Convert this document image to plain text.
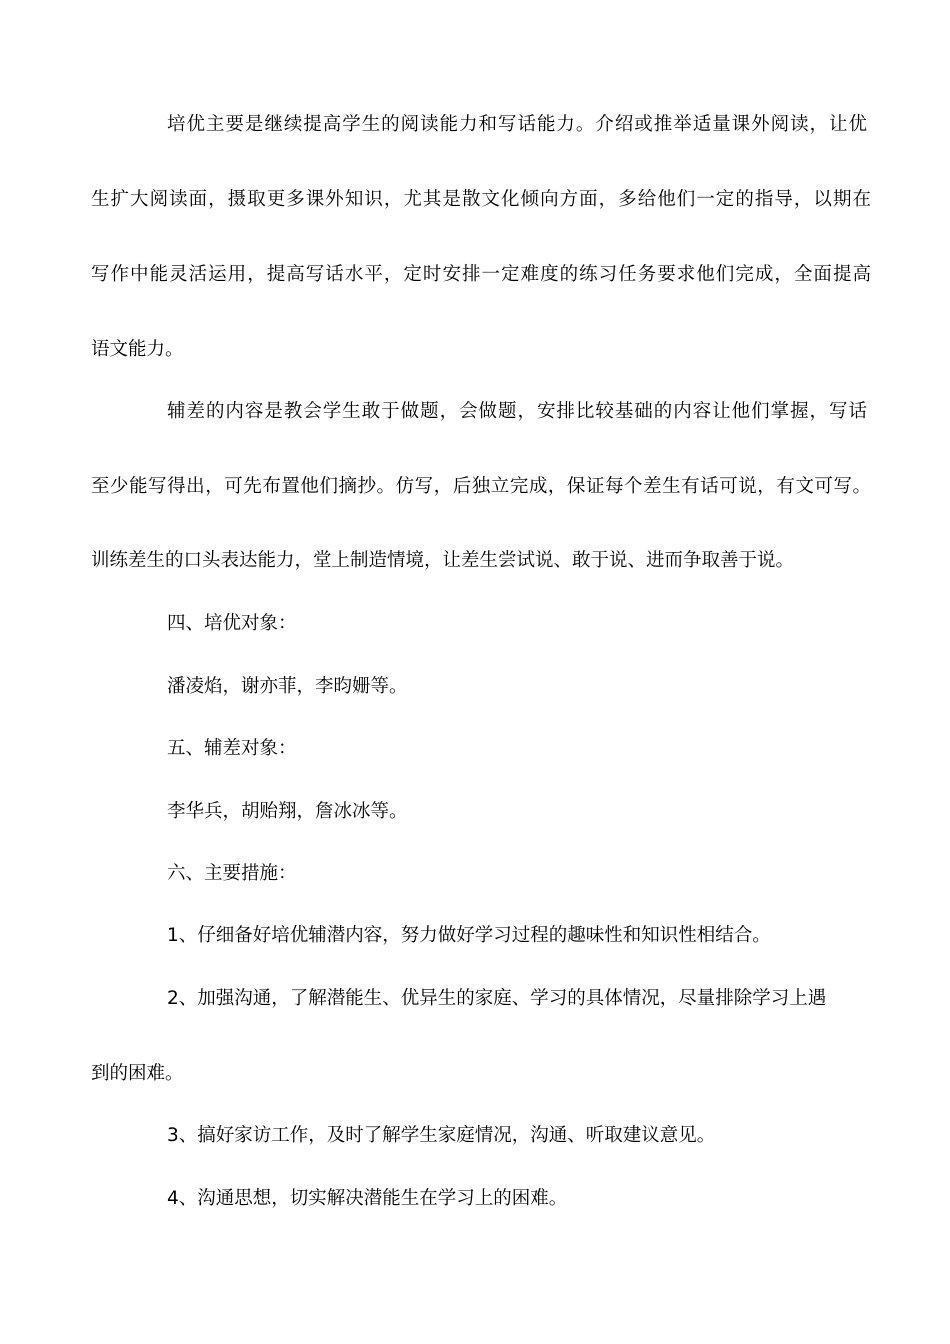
培优主要是继续提高学生的阅读能力和写话能力。介绍或推举适量课外阅读，让优
生扩大阅读面，摄取更多课外知识，尤其是散文化倾向方面，多给他们一定的指导，以期在
写作中能灵活运用，提高写话水平，定时安排一定难度的练习任务要求他们完成，全面提高
语文能力。
辅差的内容是教会学生敢于做题，会做题，安排比较基础的内容让他们掌握，写话
至少能写得出，可先布置他们摘抄。仿写，后独立完成，保证每个差生有话可说，有文可写。
训练差生的口头表达能力，堂上制造情境，让差生尝试说、敢于说、进而争取善于说。
四、培优对象：
潘凌焰，谢亦菲，李昀姗等。
五、辅差对象：
李华兵，胡贻翔，詹冰冰等。
六、主要措施：
1、仔细备好培优辅潜内容，努力做好学习过程的趣味性和知识性相结合。
2、加强沟通，了解潜能生、优异生的家庭、学习的具体情况，尽量排除学习上遇
到的困难。
3、搞好家访工作，及时了解学生家庭情况，沟通、听取建议意见。
4、沟通思想，切实解决潜能生在学习上的困难。
